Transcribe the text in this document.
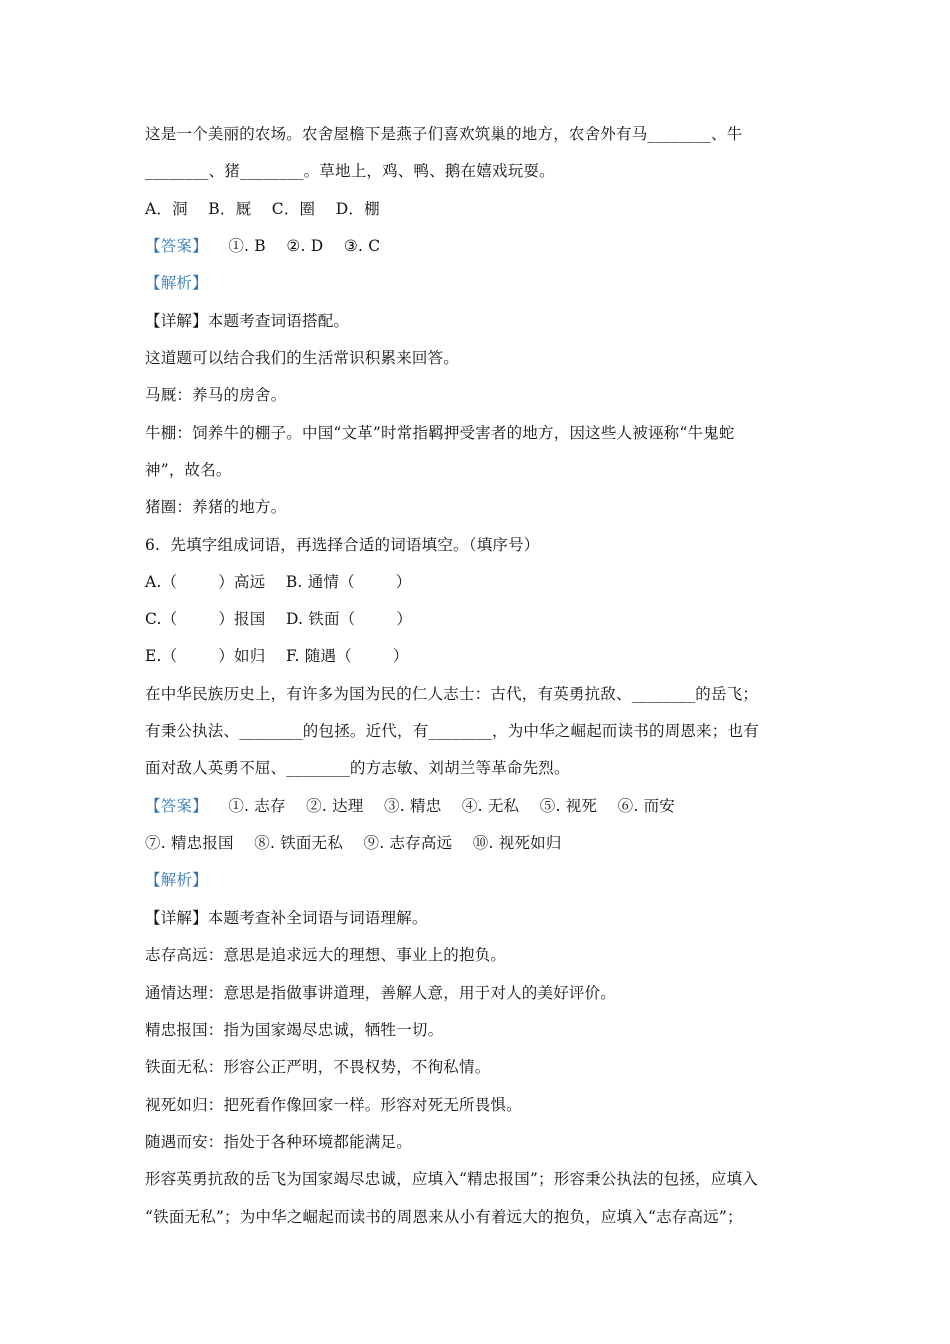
这是一个美丽的农场。农舍屋檐下是燕子们喜欢筑巢的地方，农舍外有马________、牛
________、猪________。草地上，鸡、鸭、鹅在嬉戏玩耍。
A．洞    B．厩    C．圈    D．棚
【答案】    ①. B    ②. D    ③. C
【解析】
【详解】本题考查词语搭配。
这道题可以结合我们的生活常识积累来回答。
马厩：养马的房舍。
牛棚：饲养牛的棚子。中国“文革”时常指羁押受害者的地方，因这些人被诬称“牛鬼蛇
神”，故名。
猪圈：养猪的地方。
6.  先填字组成词语，再选择合适的词语填空。（填序号）
A.（        ）高远    B. 通情（        ）
C.（        ）报国    D. 铁面（        ）
E.（        ）如归    F. 随遇（        ）
在中华民族历史上，有许多为国为民的仁人志士：古代，有英勇抗敌、________的岳飞；
有秉公执法、________的包拯。近代，有________，为中华之崛起而读书的周恩来；也有
面对敌人英勇不屈、________的方志敏、刘胡兰等革命先烈。
【答案】    ①. 志存    ②. 达理    ③. 精忠    ④. 无私    ⑤. 视死    ⑥. 而安
⑦. 精忠报国    ⑧. 铁面无私    ⑨. 志存高远    ⑩. 视死如归
【解析】
【详解】本题考查补全词语与词语理解。
志存高远：意思是追求远大的理想、事业上的抱负。
通情达理：意思是指做事讲道理，善解人意，用于对人的美好评价。
精忠报国：指为国家竭尽忠诚，牺牲一切。
铁面无私：形容公正严明，不畏权势，不徇私情。
视死如归：把死看作像回家一样。形容对死无所畏惧。
随遇而安：指处于各种环境都能满足。
形容英勇抗敌的岳飞为国家竭尽忠诚，应填入“精忠报国”；形容秉公执法的包拯，应填入
“铁面无私”；为中华之崛起而读书的周恩来从小有着远大的抱负，应填入“志存高远”；
